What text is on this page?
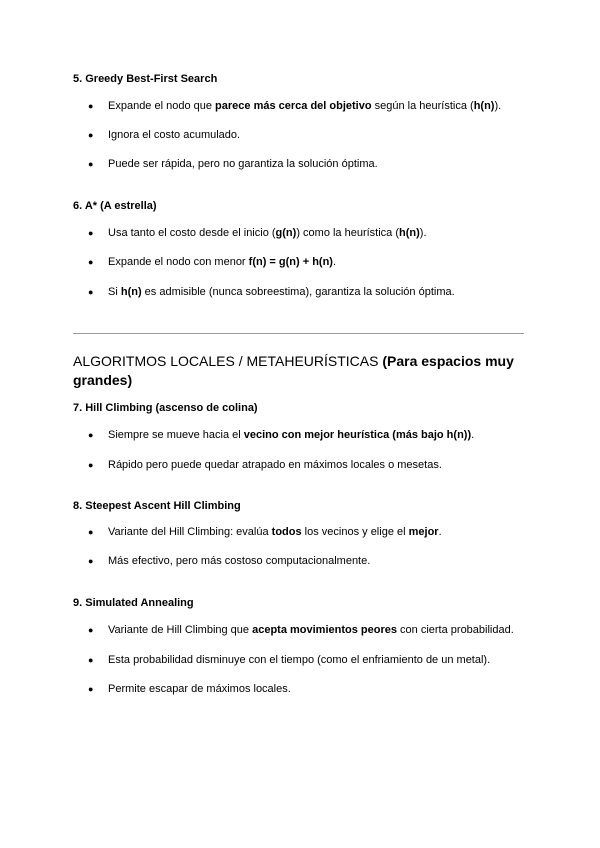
5. Greedy Best-First Search
● Expande el nodo que parece más cerca del objetivo según la heurística (h(n)).
● Ignora el costo acumulado.
● Puede ser rápida, pero no garantiza la solución óptima.
6. A* (A estrella)
● Usa tanto el costo desde el inicio (g(n)) como la heurística (h(n)).
● Expande el nodo con menor f(n) = g(n) + h(n).
● Si h(n) es admisible (nunca sobreestima), garantiza la solución óptima.
ALGORITMOS LOCALES / METAHEURÍSTICAS (Para espacios muy grandes)
7. Hill Climbing (ascenso de colina)
● Siempre se mueve hacia el vecino con mejor heurística (más bajo h(n)).
● Rápido pero puede quedar atrapado en máximos locales o mesetas.
8. Steepest Ascent Hill Climbing
● Variante del Hill Climbing: evalúa todos los vecinos y elige el mejor.
● Más efectivo, pero más costoso computacionalmente.
9. Simulated Annealing
● Variante de Hill Climbing que acepta movimientos peores con cierta probabilidad.
● Esta probabilidad disminuye con el tiempo (como el enfriamiento de un metal).
● Permite escapar de máximos locales.
